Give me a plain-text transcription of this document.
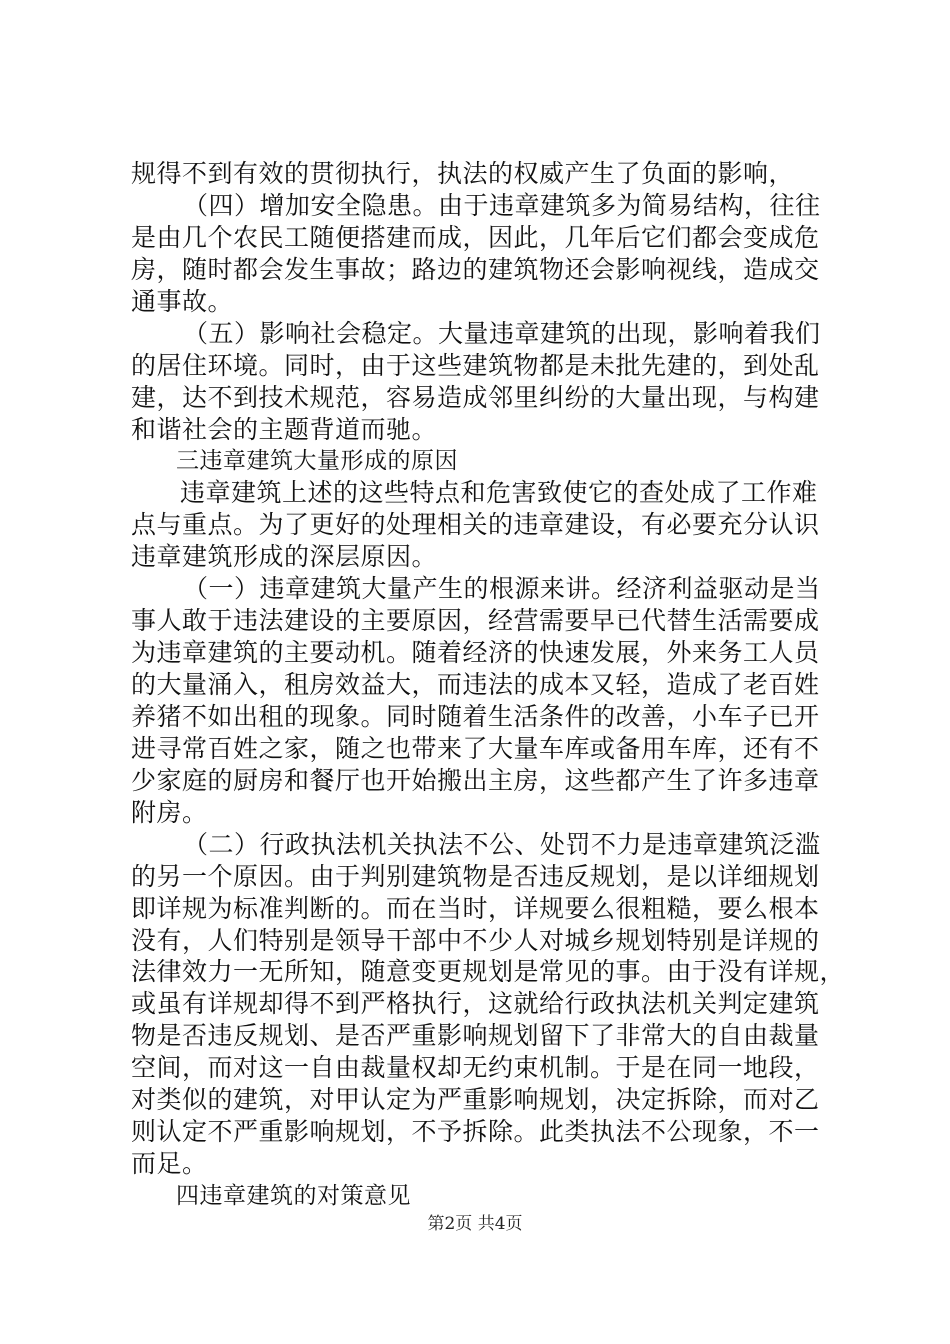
规得不到有效的贯彻执行，执法的权威产生了负面的影响，
（四）增加安全隐患。由于违章建筑多为简易结构，往往
是由几个农民工随便搭建而成，因此，几年后它们都会变成危
房，随时都会发生事故；路边的建筑物还会影响视线，造成交
通事故。
（五）影响社会稳定。大量违章建筑的出现，影响着我们
的居住环境。同时，由于这些建筑物都是未批先建的，到处乱
建，达不到技术规范，容易造成邻里纠纷的大量出现，与构建
和谐社会的主题背道而驰。
三违章建筑大量形成的原因
违章建筑上述的这些特点和危害致使它的查处成了工作难
点与重点。为了更好的处理相关的违章建设，有必要充分认识
违章建筑形成的深层原因。
（一）违章建筑大量产生的根源来讲。经济利益驱动是当
事人敢于违法建设的主要原因，经营需要早已代替生活需要成
为违章建筑的主要动机。随着经济的快速发展，外来务工人员
的大量涌入，租房效益大，而违法的成本又轻，造成了老百姓
养猪不如出租的现象。同时随着生活条件的改善，小车子已开
进寻常百姓之家，随之也带来了大量车库或备用车库，还有不
少家庭的厨房和餐厅也开始搬出主房，这些都产生了许多违章
附房。
（二）行政执法机关执法不公、处罚不力是违章建筑泛滥
的另一个原因。由于判别建筑物是否违反规划，是以详细规划
即详规为标准判断的。而在当时，详规要么很粗糙，要么根本
没有，人们特别是领导干部中不少人对城乡规划特别是详规的
法律效力一无所知，随意变更规划是常见的事。由于没有详规，
或虽有详规却得不到严格执行，这就给行政执法机关判定建筑
物是否违反规划、是否严重影响规划留下了非常大的自由裁量
空间，而对这一自由裁量权却无约束机制。于是在同一地段，
对类似的建筑，对甲认定为严重影响规划，决定拆除，而对乙
则认定不严重影响规划，不予拆除。此类执法不公现象，不一
而足。
四违章建筑的对策意见
第2页 共4页
